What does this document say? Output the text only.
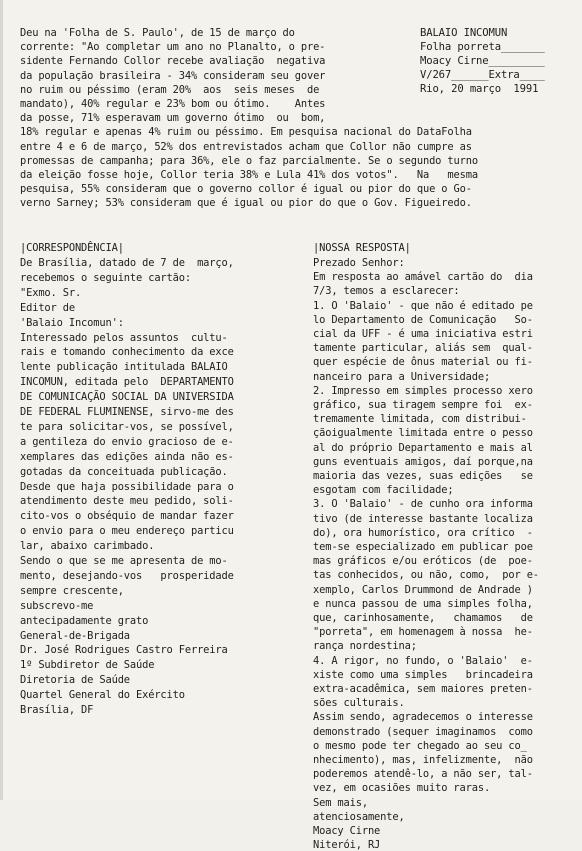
BALAIO INCOMUN
Folha porreta_______
Moacy Cirne_________
V/267______Extra____
Rio, 20 março  1991
Deu na 'Folha de S. Paulo', de 15 de março do
corrente: "Ao completar um ano no Planalto, o pre-
sidente Fernando Collor recebe avaliação  negativa
da população brasileira - 34% consideram seu gover
no ruim ou péssimo (eram 20%  aos  seis meses  de
mandato), 40% regular e 23% bom ou ótimo.    Antes
da posse, 71% esperavam um governo ótimo  ou  bom,
18% regular e apenas 4% ruim ou péssimo. Em pesquisa nacional do DataFolha
entre 4 e 6 de março, 52% dos entrevistados acham que Collor não cumpre as
promessas de campanha; para 36%, ele o faz parcialmente. Se o segundo turno
da eleição fosse hoje, Collor teria 38% e Lula 41% dos votos".   Na   mesma
pesquisa, 55% consideram que o governo collor é igual ou pior do que o Go-
verno Sarney; 53% consideram que é igual ou pior do que o Gov. Figueiredo.
|CORRESPONDÊNCIA|
De Brasília, datado de 7 de  março,
recebemos o seguinte cartão:
"Exmo. Sr.
Editor de
'Balaio Incomun':
Interessado pelos assuntos  cultu-
rais e tomando conhecimento da exce
lente publicação intitulada BALAIO
INCOMUN, editada pelo  DEPARTAMENTO
DE COMUNICAÇÃO SOCIAL DA UNIVERSIDA
DE FEDERAL FLUMINENSE, sirvo-me des
te para solicitar-vos, se possível,
a gentileza do envio gracioso de e-
xemplares das edições ainda não es-
gotadas da conceituada publicação.
Desde que haja possibilidade para o
atendimento deste meu pedido, soli-
cito-vos o obséquio de mandar fazer
o envio para o meu endereço particu
lar, abaixo carimbado.
Sendo o que se me apresenta de mo-
mento, desejando-vos   prosperidade
sempre crescente,
subscrevo-me
antecipadamente grato
General-de-Brigada
Dr. José Rodrigues Castro Ferreira
1º Subdiretor de Saúde
Diretoria de Saúde
Quartel General do Exército
Brasília, DF
|NOSSA RESPOSTA|
Prezado Senhor:
Em resposta ao amável cartão do  dia
7/3, temos a esclarecer:
1. O 'Balaio' - que não é editado pe
lo Departamento de Comunicação   So-
cial da UFF - é uma iniciativa estri
tamente particular, aliás sem  qual-
quer espécie de ônus material ou fi-
nanceiro para a Universidade;
2. Impresso em simples processo xero
gráfico, sua tiragem sempre foi  ex-
tremamente limitada, com distribui-
çãoigualmente limitada entre o pesso
al do próprio Departamento e mais al
guns eventuais amigos, daí porque,na
maioria das vezes, suas edições   se
esgotam com facilidade;
3. O 'Balaio' - de cunho ora informa
tivo (de interesse bastante localiza
do), ora humorístico, ora crítico  -
tem-se especializado em publicar poe
mas gráficos e/ou eróticos (de  poe-
tas conhecidos, ou não, como,  por e-
xemplo, Carlos Drummond de Andrade )
e nunca passou de uma simples folha,
que, carinhosamente,   chamamos   de
"porreta", em homenagem à nossa  he-
rança nordestina;
4. A rigor, no fundo, o 'Balaio'  e-
xiste como uma simples   brincadeira
extra-acadêmica, sem maiores preten-
sões culturais.
Assim sendo, agradecemos o interesse
demonstrado (sequer imaginamos  como
o mesmo pode ter chegado ao seu co_
nhecimento), mas, infelizmente,  não
poderemos atendê-lo, a não ser, tal-
vez, em ocasiões muito raras.
Sem mais,
atenciosamente,
Moacy Cirne
Niterói, RJ
